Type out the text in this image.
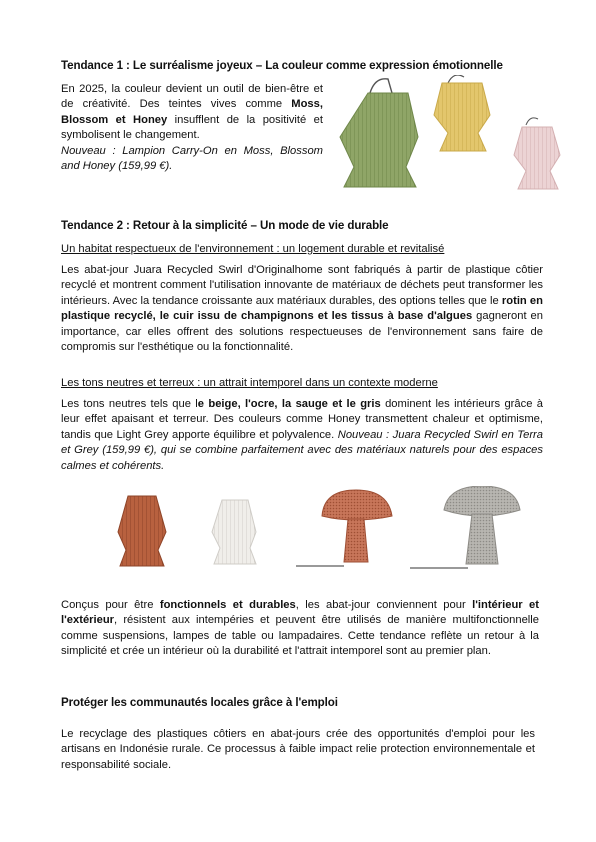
Tendance 1 : Le surréalisme joyeux – La couleur comme expression émotionnelle
En 2025, la couleur devient un outil de bien-être et de créativité. Des teintes vives comme Moss, Blossom et Honey insufflent de la positivité et symbolisent le changement.
Nouveau : Lampion Carry-On en Moss, Blossom and Honey (159,99 €).
Tendance 2 : Retour à la simplicité – Un mode de vie durable
Un habitat respectueux de l'environnement : un logement durable et revitalisé
Les abat-jour Juara Recycled Swirl d'Originalhome sont fabriqués à partir de plastique côtier recyclé et montrent comment l'utilisation innovante de matériaux de déchets peut transformer les intérieurs. Avec la tendance croissante aux matériaux durables, des options telles que le rotin en plastique recyclé, le cuir issu de champignons et les tissus à base d'algues gagneront en importance, car elles offrent des solutions respectueuses de l'environnement sans faire de compromis sur l'esthétique ou la fonctionnalité.
Les tons neutres et terreux : un attrait intemporel dans un contexte moderne
Les tons neutres tels que le beige, l'ocre, la sauge et le gris dominent les intérieurs grâce à leur effet apaisant et terreur. Des couleurs comme Honey transmettent chaleur et optimisme, tandis que Light Grey apporte équilibre et polyvalence. Nouveau : Juara Recycled Swirl en Terra et Grey (159,99 €), qui se combine parfaitement avec des matériaux naturels pour des espaces calmes et cohérents.
Conçus pour être fonctionnels et durables, les abat-jour conviennent pour l'intérieur et l'extérieur, résistent aux intempéries et peuvent être utilisés de manière multifonctionnelle comme suspensions, lampes de table ou lampadaires. Cette tendance reflète un retour à la simplicité et crée un intérieur où la durabilité et l'attrait intemporel sont au premier plan.
Protéger les communautés locales grâce à l'emploi
Le recyclage des plastiques côtiers en abat-jours crée des opportunités d'emploi pour les artisans en Indonésie rurale. Ce processus à faible impact relie protection environnementale et responsabilité sociale.
